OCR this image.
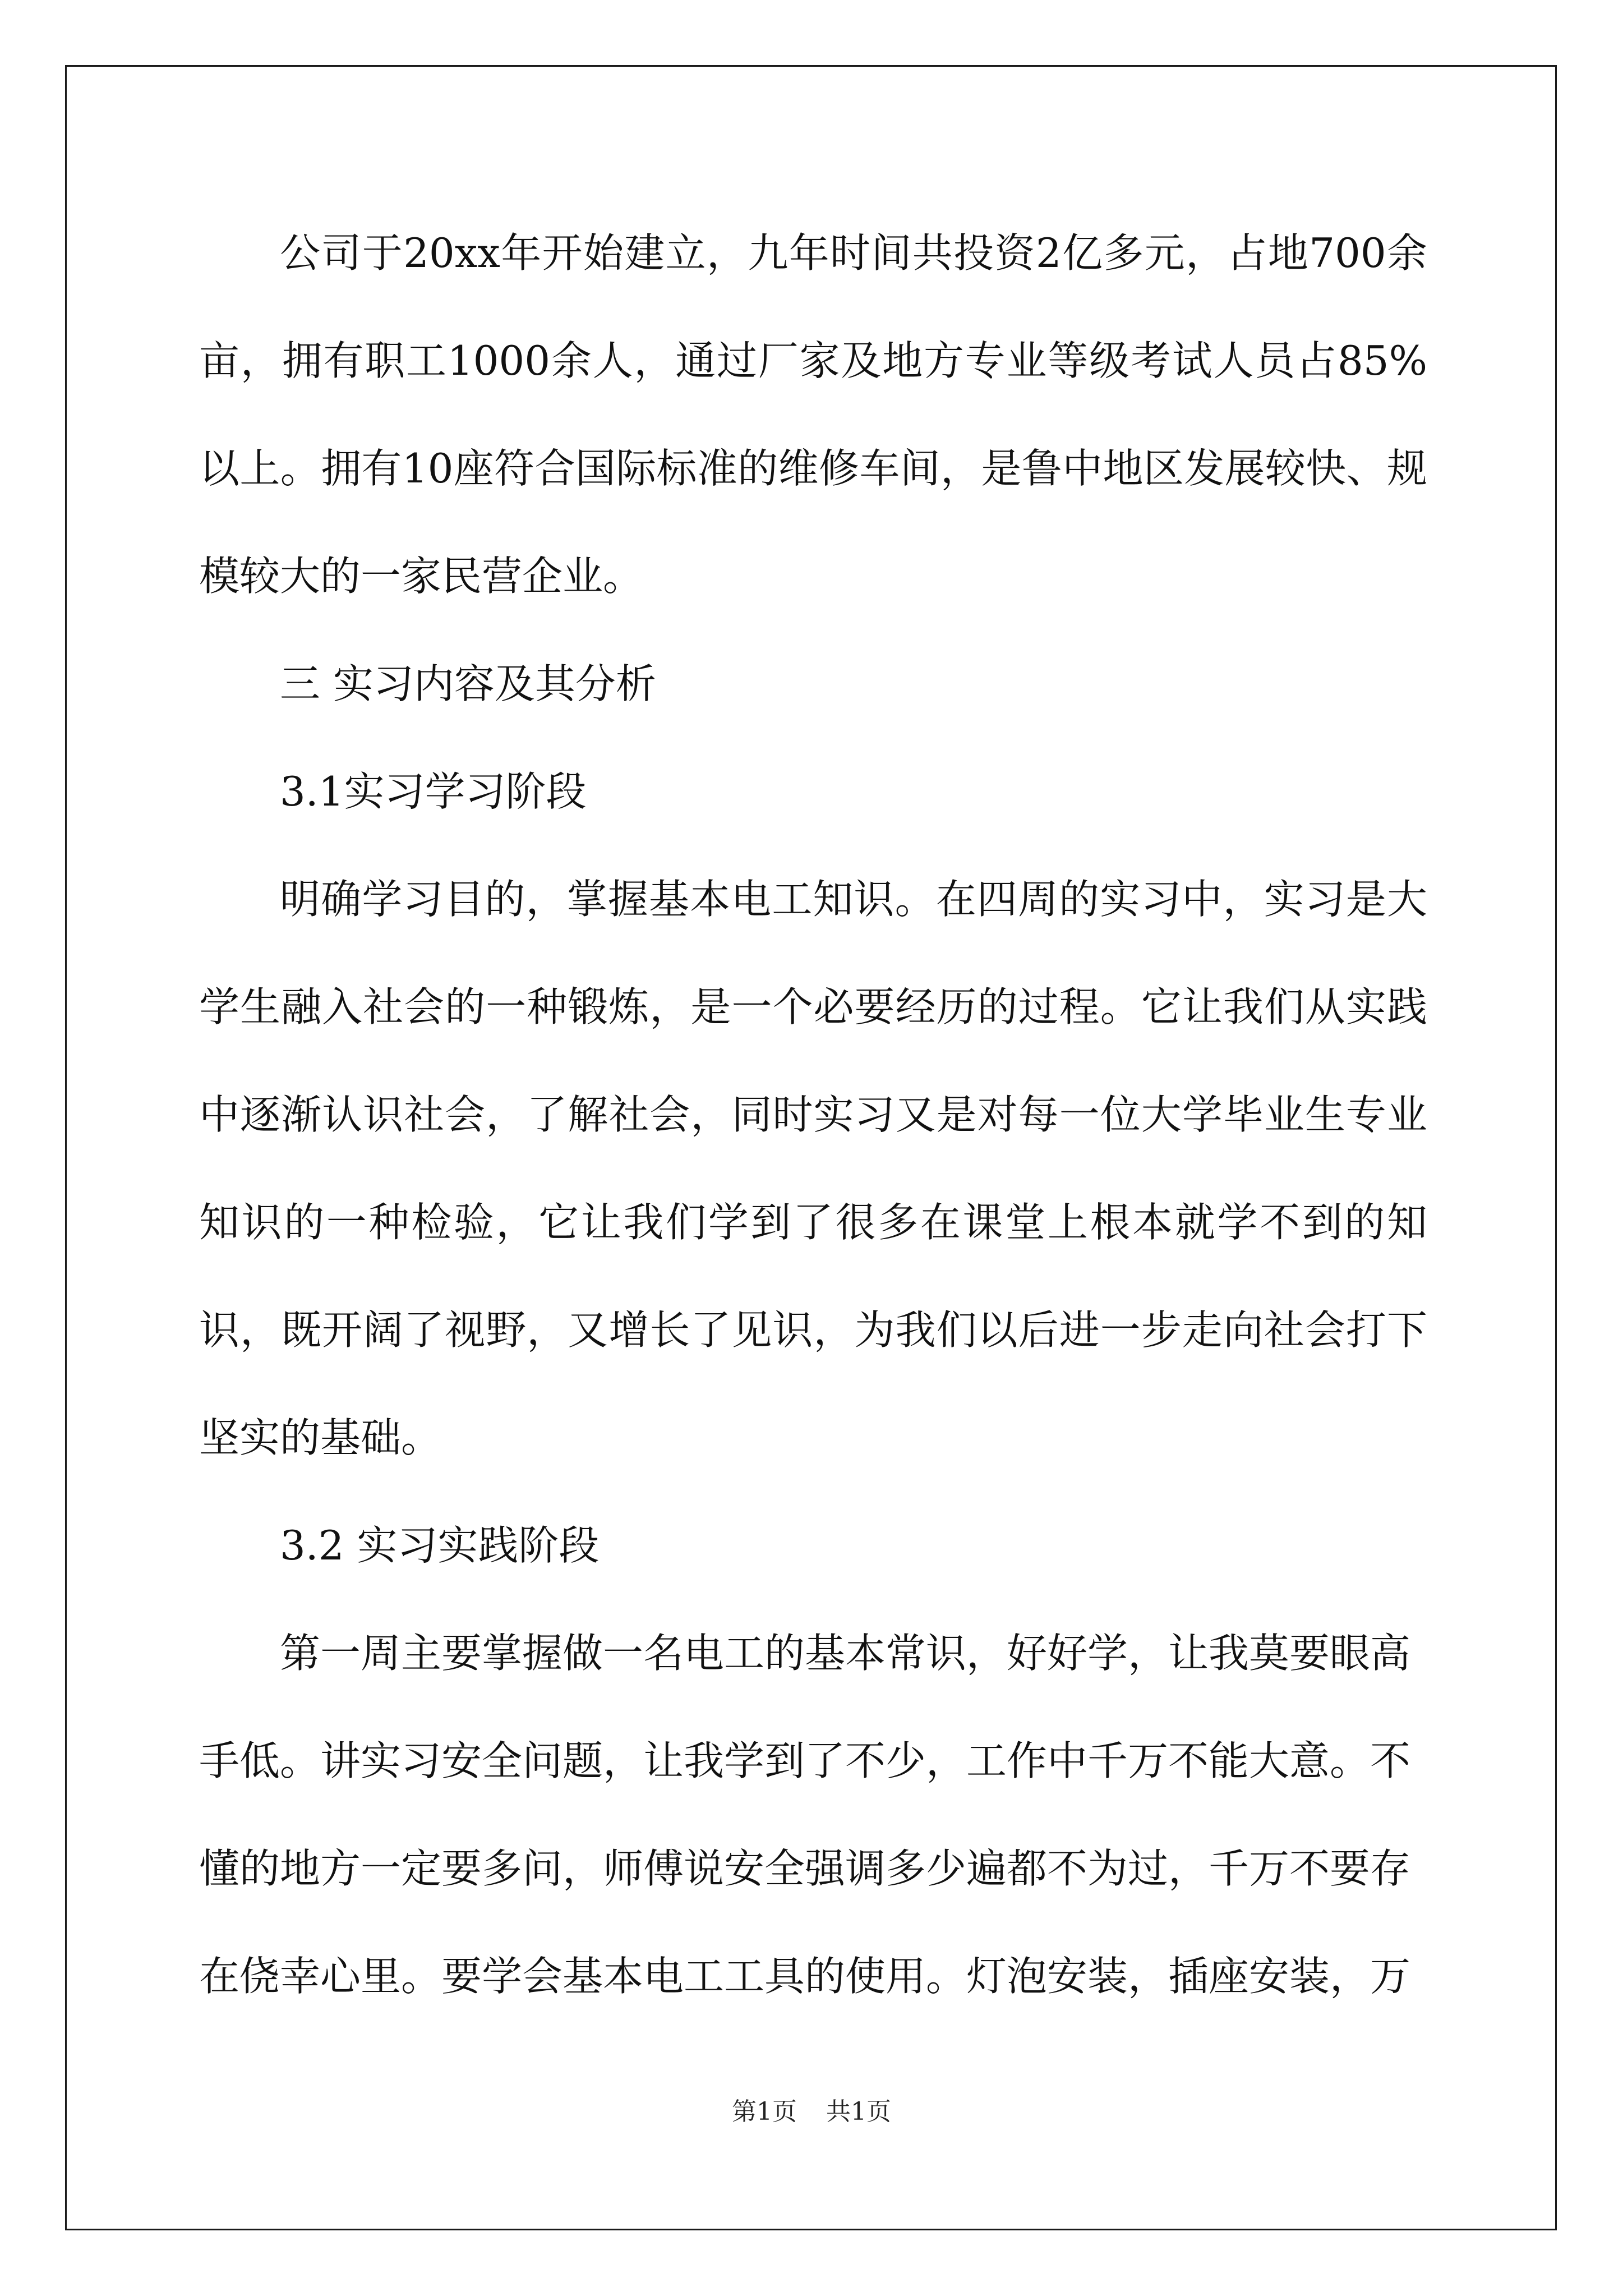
公司于20xx年开始建立，九年时间共投资2亿多元，占地700余亩，拥有职工1000余人，通过厂家及地方专业等级考试人员占85%以上。拥有10座符合国际标准的维修车间，是鲁中地区发展较快、规模较大的一家民营企业。

三 实习内容及其分析

3.1实习学习阶段

明确学习目的，掌握基本电工知识。在四周的实习中，实习是大学生融入社会的一种锻炼，是一个必要经历的过程。它让我们从实践中逐渐认识社会，了解社会，同时实习又是对每一位大学毕业生专业知识的一种检验，它让我们学到了很多在课堂上根本就学不到的知识，既开阔了视野，又增长了见识，为我们以后进一步走向社会打下坚实的基础。

3.2 实习实践阶段

第一周主要掌握做一名电工的基本常识，好好学，让我莫要眼高手低。讲实习安全问题，让我学到了不少，工作中千万不能大意。不懂的地方一定要多问，师傅说安全强调多少遍都不为过，千万不要存在侥幸心里。要学会基本电工工具的使用。灯泡安装，插座安装，万

第1页 共1页
